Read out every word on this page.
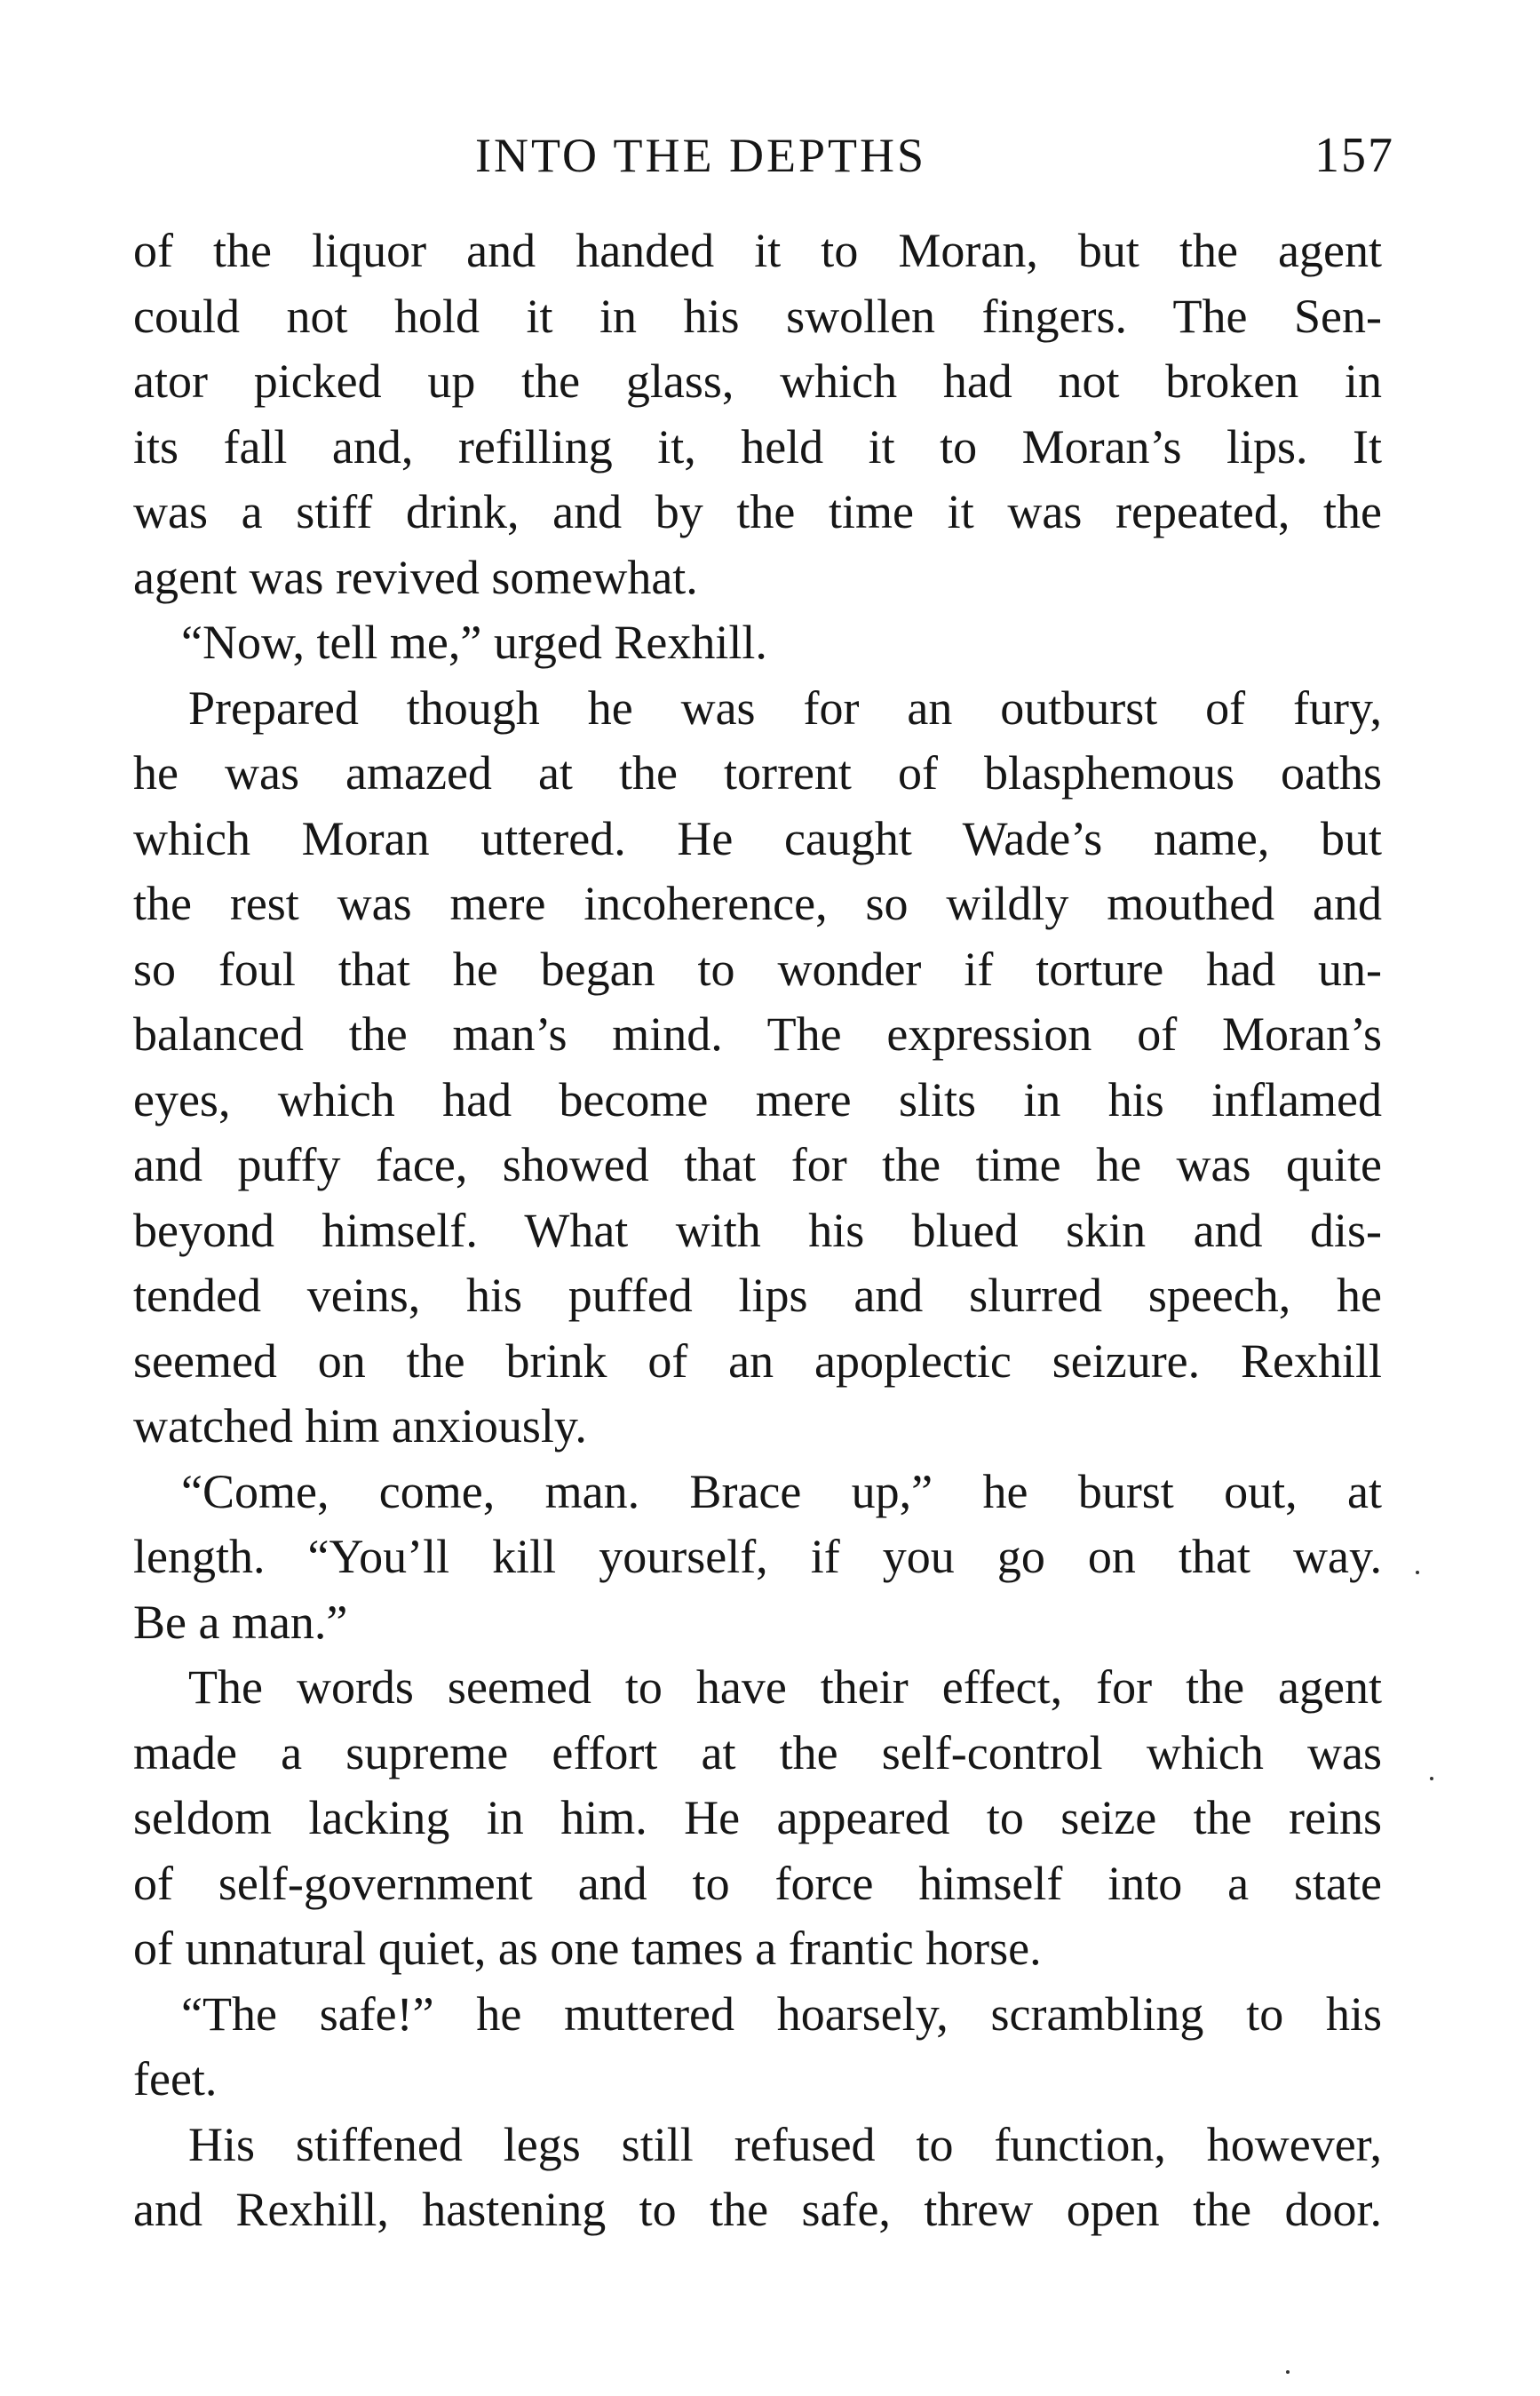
INTO THE DEPTHS	157
of the liquor and handed it to Moran, but the agent
could not hold it in his swollen fingers. The Sen-
ator picked up the glass, which had not broken in
its fall and, refilling it, held it to Moran’s lips. It
was a stiff drink, and by the time it was repeated, the
agent was revived somewhat.
“Now, tell me,” urged Rexhill.
Prepared though he was for an outburst of fury,
he was amazed at the torrent of blasphemous oaths
which Moran uttered. He caught Wade’s name, but
the rest was mere incoherence, so wildly mouthed and
so foul that he began to wonder if torture had un-
balanced the man’s mind. The expression of Moran’s
eyes, which had become mere slits in his inflamed
and puffy face, showed that for the time he was quite
beyond himself. What with his blued skin and dis-
tended veins, his puffed lips and slurred speech, he
seemed on the brink of an apoplectic seizure. Rexhill
watched him anxiously.
“Come, come, man. Brace up,” he burst out, at
length. “You’ll kill yourself, if you go on that way.
Be a man.”
The words seemed to have their effect, for the agent
made a supreme effort at the self-control which was
seldom lacking in him. He appeared to seize the reins
of self-government and to force himself into a state
of unnatural quiet, as one tames a frantic horse.
“The safe!” he muttered hoarsely, scrambling to his
feet.
His stiffened legs still refused to function, however,
and Rexhill, hastening to the safe, threw open the door.
